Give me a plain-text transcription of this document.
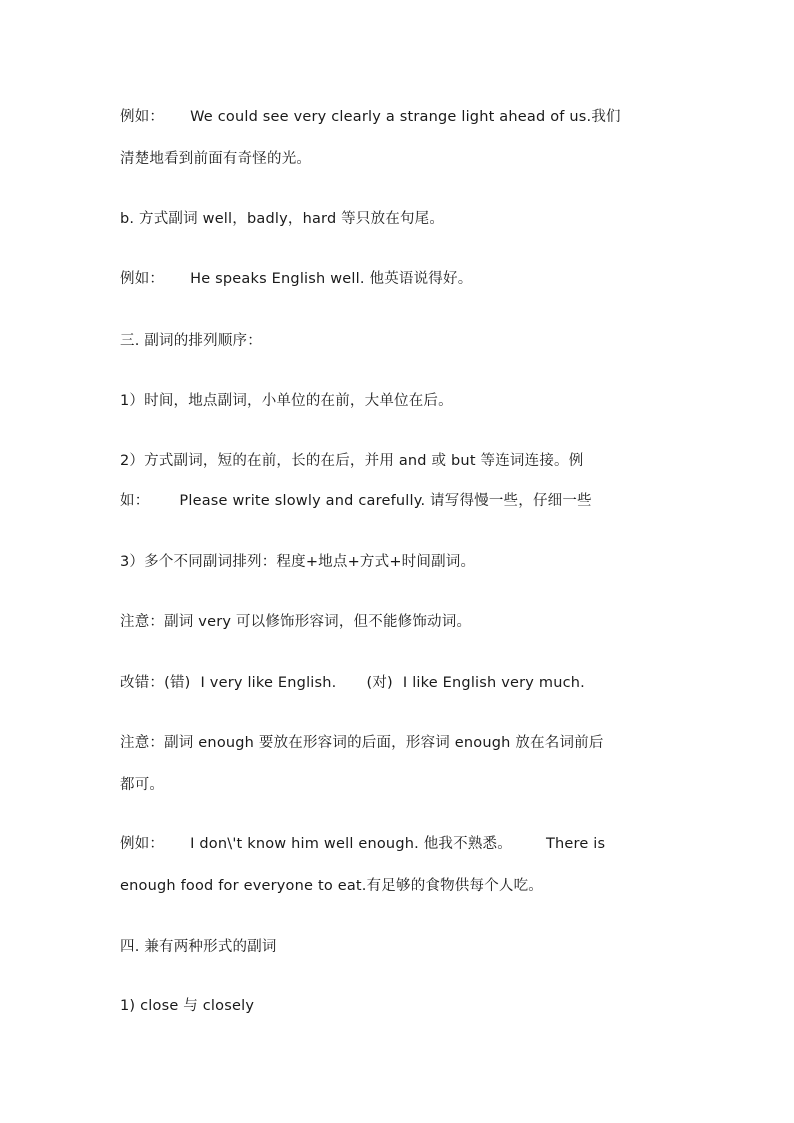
例如： We could see very clearly a strange light ahead of us.我们
清楚地看到前面有奇怪的光。
b. 方式副词 well，badly，hard 等只放在句尾。
例如： He speaks English well. 他英语说得好。
三. 副词的排列顺序：
1）时间，地点副词，小单位的在前，大单位在后。
2）方式副词，短的在前，长的在后，并用 and 或 but 等连词连接。例
如： Please write slowly and carefully. 请写得慢一些，仔细一些
3）多个不同副词排列：程度+地点+方式+时间副词。
注意：副词 very 可以修饰形容词，但不能修饰动词。
改错：(错) I very like English. (对) I like English very much.
注意：副词 enough 要放在形容词的后面，形容词 enough 放在名词前后
都可。
例如： I don\'t know him well enough. 他我不熟悉。 There is
enough food for everyone to eat.有足够的食物供每个人吃。
四. 兼有两种形式的副词
1) close 与 closely
